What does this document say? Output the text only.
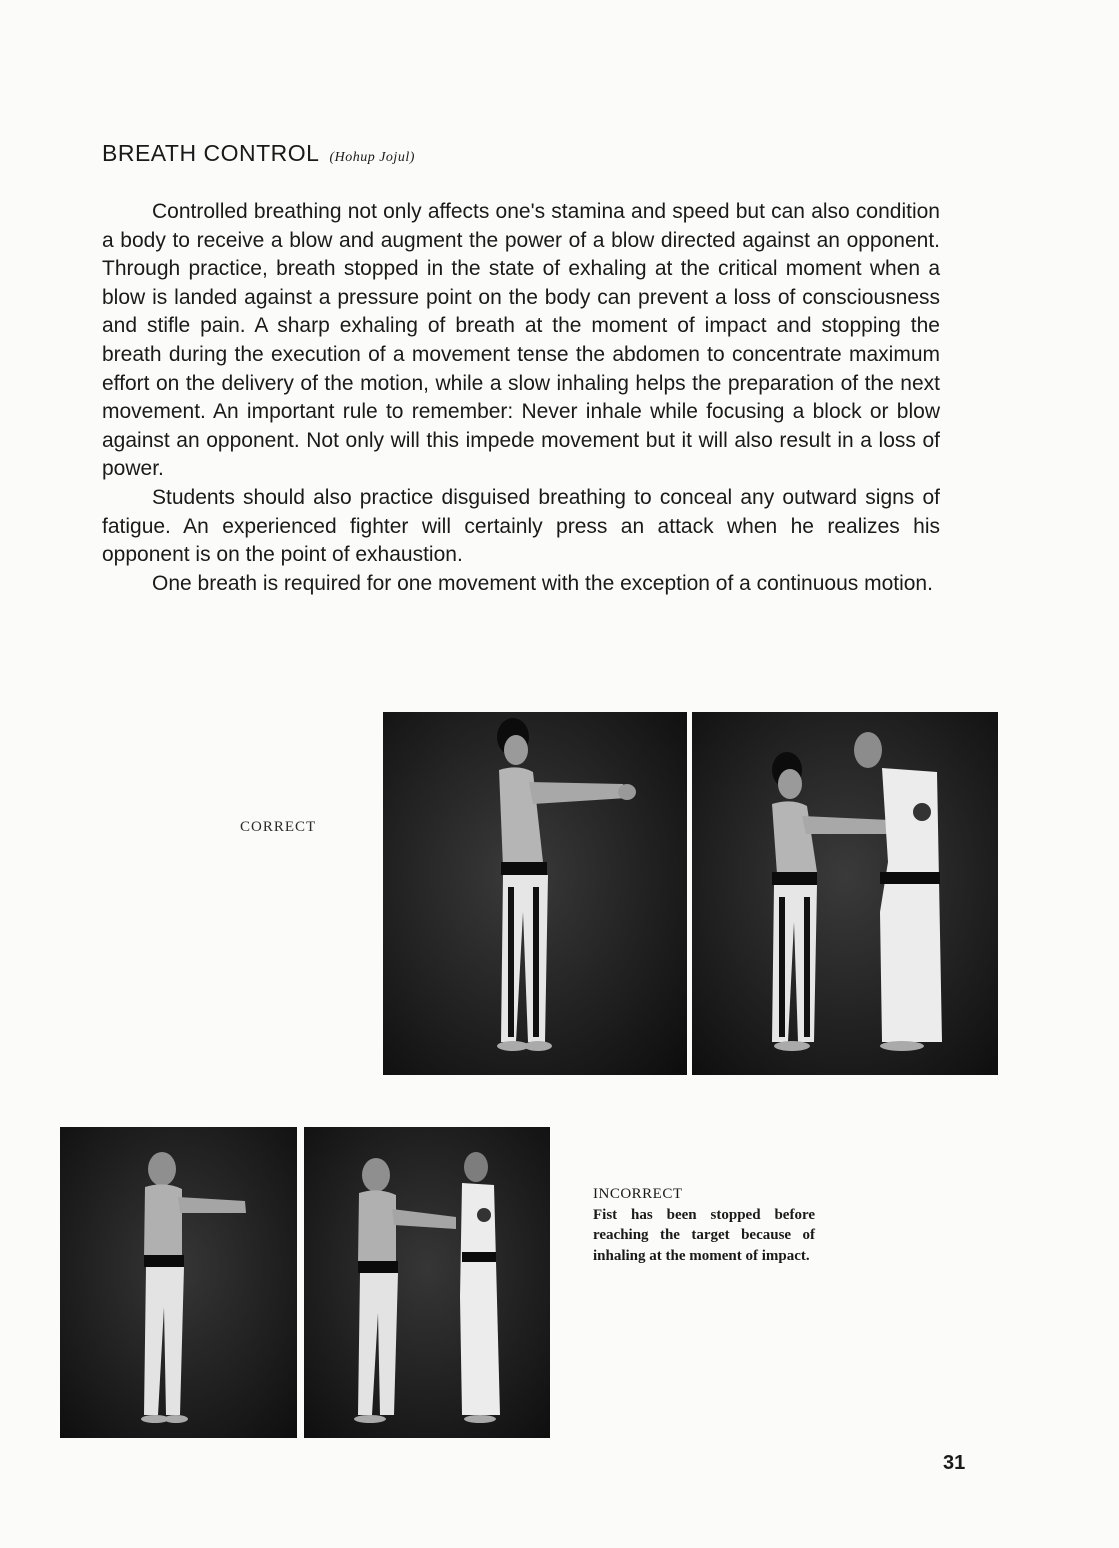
BREATH CONTROL (Hohup Jojul)

Controlled breathing not only affects one's stamina and speed but can also condition a body to receive a blow and augment the power of a blow directed against an opponent. Through practice, breath stopped in the state of exhaling at the critical moment when a blow is landed against a pressure point on the body can prevent a loss of consciousness and stifle pain. A sharp exhaling of breath at the moment of impact and stopping the breath during the execution of a movement tense the abdomen to concentrate maximum effort on the delivery of the motion, while a slow inhaling helps the preparation of the next movement. An important rule to remember: Never inhale while focusing a block or blow against an opponent. Not only will this impede movement but it will also result in a loss of power.

Students should also practice disguised breathing to conceal any outward signs of fatigue. An experienced fighter will certainly press an attack when he realizes his opponent is on the point of exhaustion.

One breath is required for one movement with the exception of a continuous motion.

CORRECT
INCORRECT
Fist has been stopped before reaching the target because of inhaling at the moment of impact.
31
